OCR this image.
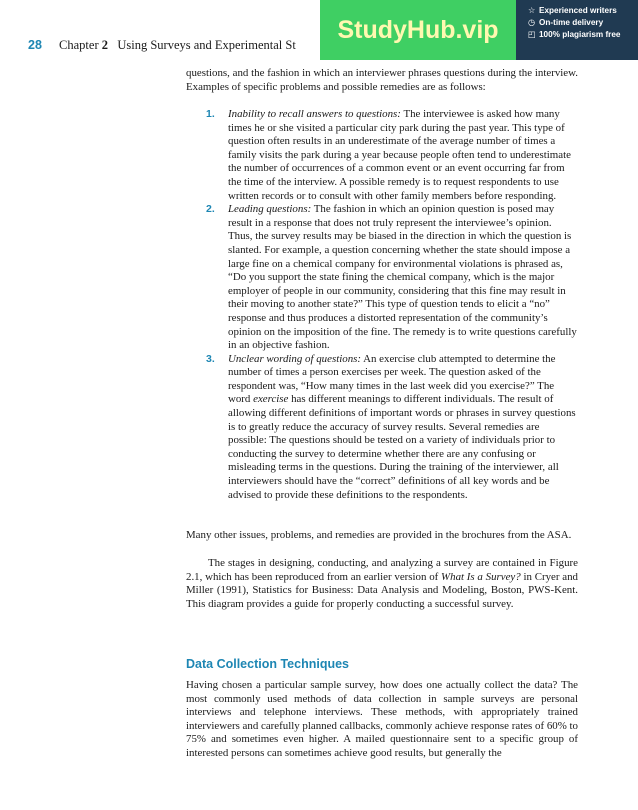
28 Chapter 2 Using Surveys and Experimental St
StudyHub.vip
☆ Experienced writers
◷ On-time delivery
◰ 100% plagiarism free

questions, and the fashion in which an interviewer phrases questions during the interview. Examples of specific problems and possible remedies are as follows:

1. Inability to recall answers to questions: The interviewee is asked how many times he or she visited a particular city park during the past year. This type of question often results in an underestimate of the average number of times a family visits the park during a year because people often tend to underestimate the number of occurrences of a common event or an event occurring far from the time of the interview. A possible remedy is to request respondents to use written records or to consult with other family members before responding.
2. Leading questions: The fashion in which an opinion question is posed may result in a response that does not truly represent the interviewee’s opinion. Thus, the survey results may be biased in the direction in which the question is slanted. For example, a question concerning whether the state should impose a large fine on a chemical company for environmental violations is phrased as, “Do you support the state fining the chemical company, which is the major employer of people in our community, considering that this fine may result in their moving to another state?” This type of question tends to elicit a “no” response and thus produces a distorted representation of the community’s opinion on the imposition of the fine. The remedy is to write questions carefully in an objective fashion.
3. Unclear wording of questions: An exercise club attempted to determine the number of times a person exercises per week. The question asked of the respondent was, “How many times in the last week did you exercise?” The word exercise has different meanings to different individuals. The result of allowing different definitions of important words or phrases in survey questions is to greatly reduce the accuracy of survey results. Several remedies are possible: The questions should be tested on a variety of individuals prior to conducting the survey to determine whether there are any confusing or misleading terms in the questions. During the training of the interviewer, all interviewers should have the “correct” definitions of all key words and be advised to provide these definitions to the respondents.

Many other issues, problems, and remedies are provided in the brochures from the ASA.

The stages in designing, conducting, and analyzing a survey are contained in Figure 2.1, which has been reproduced from an earlier version of What Is a Survey? in Cryer and Miller (1991), Statistics for Business: Data Analysis and Modeling, Boston, PWS-Kent. This diagram provides a guide for properly conducting a successful survey.

Data Collection Techniques

Having chosen a particular sample survey, how does one actually collect the data? The most commonly used methods of data collection in sample surveys are personal interviews and telephone interviews. These methods, with appropriately trained interviewers and carefully planned callbacks, commonly achieve response rates of 60% to 75% and sometimes even higher. A mailed questionnaire sent to a specific group of interested persons can sometimes achieve good results, but generally the
